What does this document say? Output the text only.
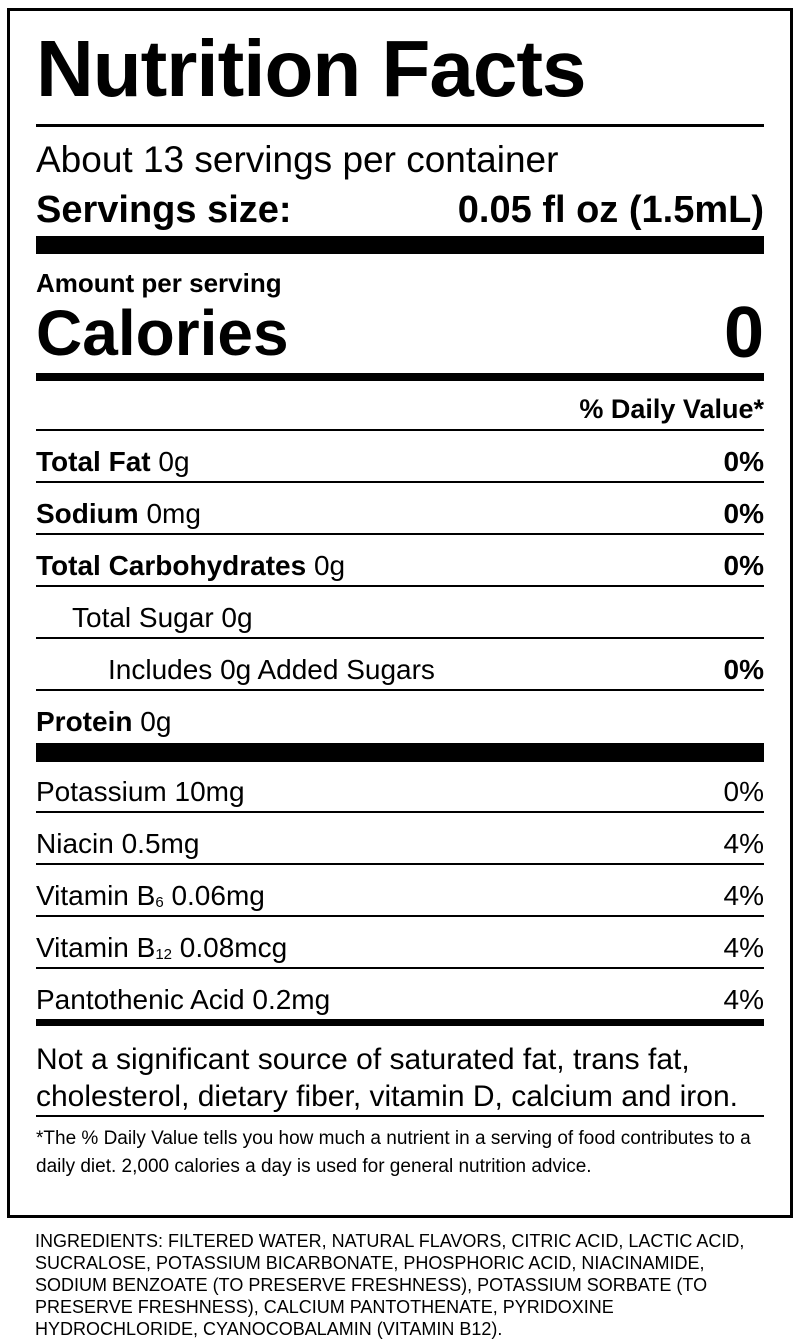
Nutrition Facts
About 13 servings per container
Servings size:	0.05 fl oz (1.5mL)
Amount per serving
Calories	0
% Daily Value*
Total Fat 0g	0%
Sodium 0mg	0%
Total Carbohydrates 0g	0%
Total Sugar 0g
Includes 0g Added Sugars	0%
Protein 0g
Potassium 10mg	0%
Niacin 0.5mg	4%
Vitamin $B_6$ 0.06mg	4%
Vitamin $B_{12}$ 0.08mcg	4%
Pantothenic Acid 0.2mg	4%
Not a significant source of saturated fat, trans fat, cholesterol, dietary fiber, vitamin D, calcium and iron.
*The % Daily Value tells you how much a nutrient in a serving of food contributes to a daily diet. 2,000 calories a day is used for general nutrition advice.
INGREDIENTS: FILTERED WATER, NATURAL FLAVORS, CITRIC ACID, LACTIC ACID, SUCRALOSE, POTASSIUM BICARBONATE, PHOSPHORIC ACID, NIACINAMIDE, SODIUM BENZOATE (TO PRESERVE FRESHNESS), POTASSIUM SORBATE (TO PRESERVE FRESHNESS), CALCIUM PANTOTHENATE, PYRIDOXINE HYDROCHLORIDE, CYANOCOBALAMIN (VITAMIN B12).
